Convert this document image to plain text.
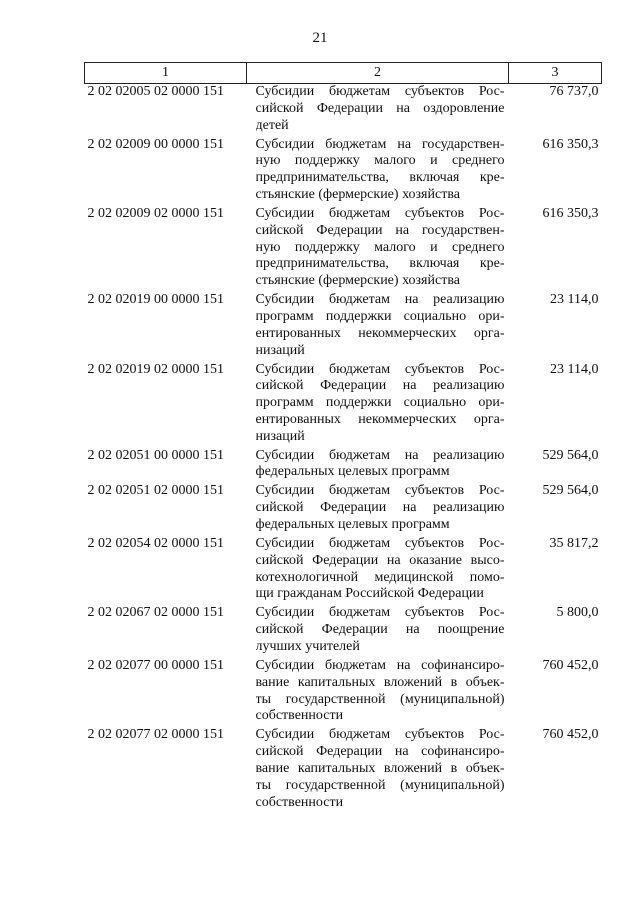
21
1	2	3
2 02 02005 02 0000 151	Субсидии бюджетам субъектов Рос-
сийской Федерации на оздоровление
детей	76 737,0
2 02 02009 00 0000 151	Субсидии бюджетам на государствен-
ную поддержку малого и среднего
предпринимательства, включая кре-
стьянские (фермерские) хозяйства	616 350,3
2 02 02009 02 0000 151	Субсидии бюджетам субъектов Рос-
сийской Федерации на государствен-
ную поддержку малого и среднего
предпринимательства, включая кре-
стьянские (фермерские) хозяйства	616 350,3
2 02 02019 00 0000 151	Субсидии бюджетам на реализацию
программ поддержки социально ори-
ентированных некоммерческих орга-
низаций	23 114,0
2 02 02019 02 0000 151	Субсидии бюджетам субъектов Рос-
сийской Федерации на реализацию
программ поддержки социально ори-
ентированных некоммерческих орга-
низаций	23 114,0
2 02 02051 00 0000 151	Субсидии бюджетам на реализацию
федеральных целевых программ	529 564,0
2 02 02051 02 0000 151	Субсидии бюджетам субъектов Рос-
сийской Федерации на реализацию
федеральных целевых программ	529 564,0
2 02 02054 02 0000 151	Субсидии бюджетам субъектов Рос-
сийской Федерации на оказание высо-
котехнологичной медицинской помо-
щи гражданам Российской Федерации	35 817,2
2 02 02067 02 0000 151	Субсидии бюджетам субъектов Рос-
сийской Федерации на поощрение
лучших учителей	5 800,0
2 02 02077 00 0000 151	Субсидии бюджетам на софинансиро-
вание капитальных вложений в объек-
ты государственной (муниципальной)
собственности	760 452,0
2 02 02077 02 0000 151	Субсидии бюджетам субъектов Рос-
сийской Федерации на софинансиро-
вание капитальных вложений в объек-
ты государственной (муниципальной)
собственности	760 452,0
